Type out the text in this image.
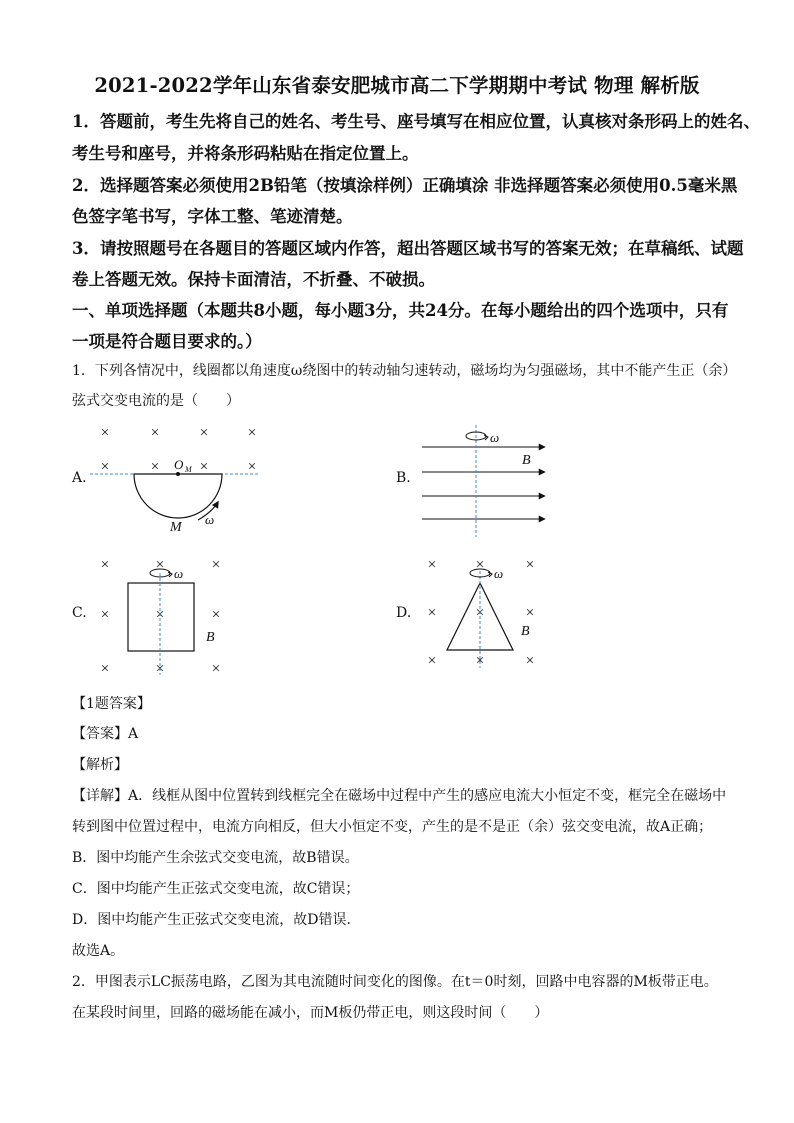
2021-2022学年山东省泰安肥城市高二下学期期中考试 物理 解析版
1．答题前，考生先将自己的姓名、考生号、座号填写在相应位置，认真核对条形码上的姓名、
考生号和座号，并将条形码粘贴在指定位置上。
2．选择题答案必须使用2B铅笔（按填涂样例）正确填涂 非选择题答案必须使用0.5毫米黑
色签字笔书写，字体工整、笔迹清楚。
3．请按照题号在各题目的答题区域内作答，超出答题区域书写的答案无效；在草稿纸、试题
卷上答题无效。保持卡面清洁，不折叠、不破损。
一、单项选择题（本题共8小题，每小题3分，共24分。在每小题给出的四个选项中，只有
一项是符合题目要求的。）
1．下列各情况中，线圈都以角速度ω绕图中的转动轴匀速转动，磁场均为匀强磁场，其中不能产生正（余）
弦式交变电流的是（　　）
A.	B.
C.	D.
×	×	×	×
×	×	×	×
O M
M
ω
ω
B
×	×	×
×	×	×
×	×	×
ω
B
×	×	×
×	×	×
×	×	×
ω
B
【1题答案】
【答案】A
【解析】
【详解】A．线框从图中位置转到线框完全在磁场中过程中产生的感应电流大小恒定不变，框完全在磁场中
转到图中位置过程中，电流方向相反，但大小恒定不变，产生的是不是正（余）弦交变电流，故A正确；
B．图中均能产生余弦式交变电流，故B错误。
C．图中均能产生正弦式交变电流，故C错误；
D．图中均能产生正弦式交变电流，故D错误．
故选A。
2．甲图表示LC振荡电路，乙图为其电流随时间变化的图像。在t＝0时刻，回路中电容器的M板带正电。
在某段时间里，回路的磁场能在减小，而M板仍带正电，则这段时间（　　）
